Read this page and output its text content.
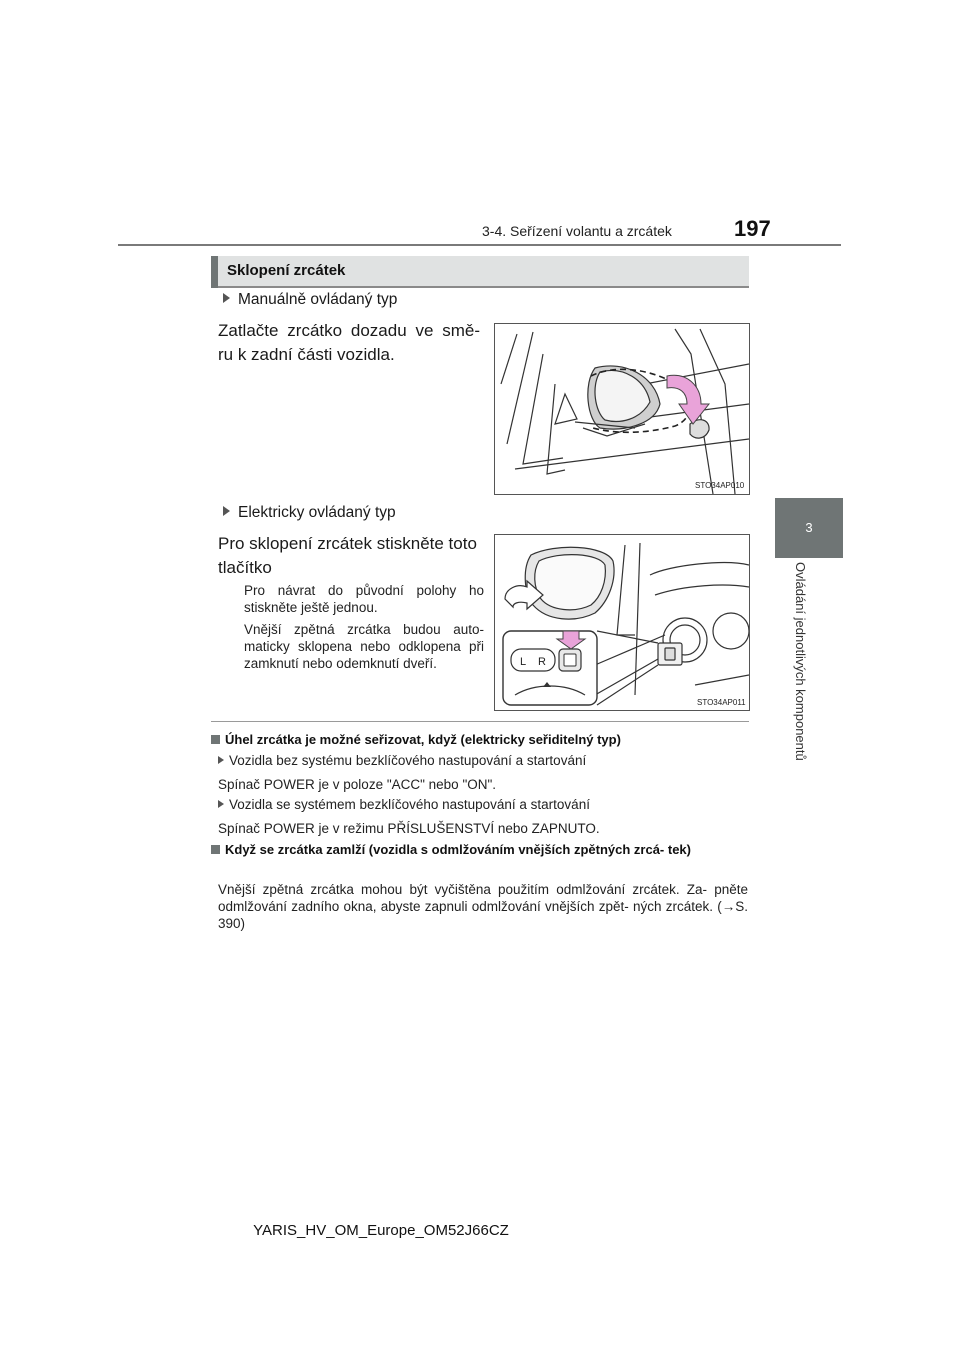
3-4. Seřízení volantu a zrcátek	197
3
Ovládání jednotlivých komponentů
Sklopení zrcátek
Manuálně ovládaný typ
Zatlačte zrcátko dozadu ve smě-
ru k zadní části vozidla.
STO34AP010
Elektricky ovládaný typ
Pro sklopení zrcátek stiskněte toto
tlačítko
Pro návrat do původní polohy ho stiskněte ještě jednou.
Vnější zpětná zrcátka budou auto- maticky sklopena nebo odklopena při zamknutí nebo odemknutí dveří.	L R
STO34AP011
Úhel zrcátka je možné seřizovat, když (elektricky seřiditelný typ)
Vozidla bez systému bezklíčového nastupování a startování
Spínač POWER je v poloze "ACC" nebo "ON".
Vozidla se systémem bezklíčového nastupování a startování
Spínač POWER je v režimu PŘÍSLUŠENSTVÍ nebo ZAPNUTO.
Když se zrcátka zamlží (vozidla s odmlžováním vnějších zpětných zrcá- tek)
Vnější zpětná zrcátka mohou být vyčištěna použitím odmlžování zrcátek. Za- pněte odmlžování zadního okna, abyste zapnuli odmlžování vnějších zpět- ných zrcátek. (→S. 390)
YARIS_HV_OM_Europe_OM52J66CZ
